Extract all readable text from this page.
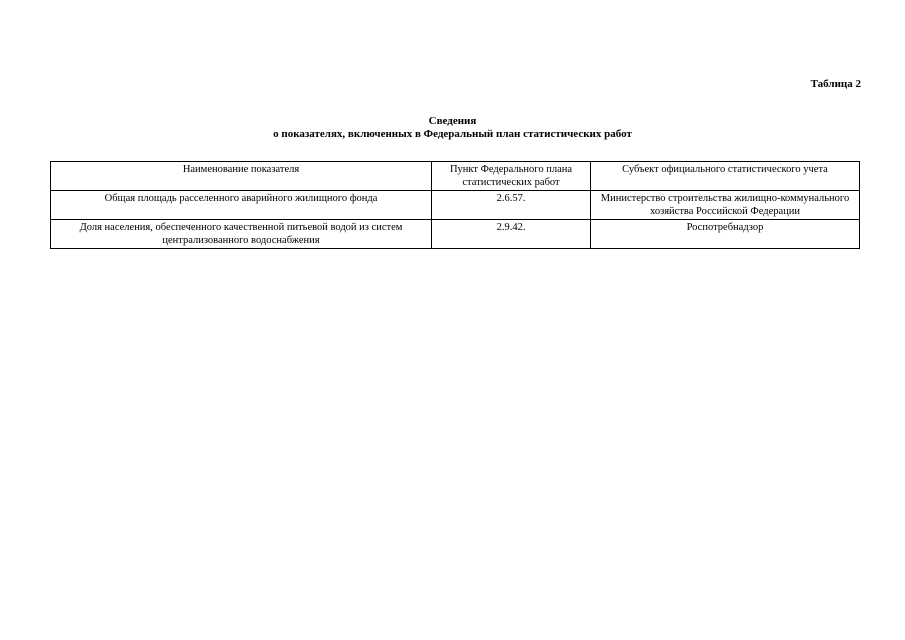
Таблица 2
Сведения
о показателях, включенных в Федеральный план статистических работ
Наименование показателя	Пункт Федерального плана статистических работ	Субъект официального статистического учета
Общая площадь расселенного аварийного жилищного фонда	2.6.57.	Министерство строительства жилищно-коммунального хозяйства Российской Федерации
Доля населения, обеспеченного качественной питьевой водой из систем централизованного водоснабжения	2.9.42.	Роспотребнадзор
